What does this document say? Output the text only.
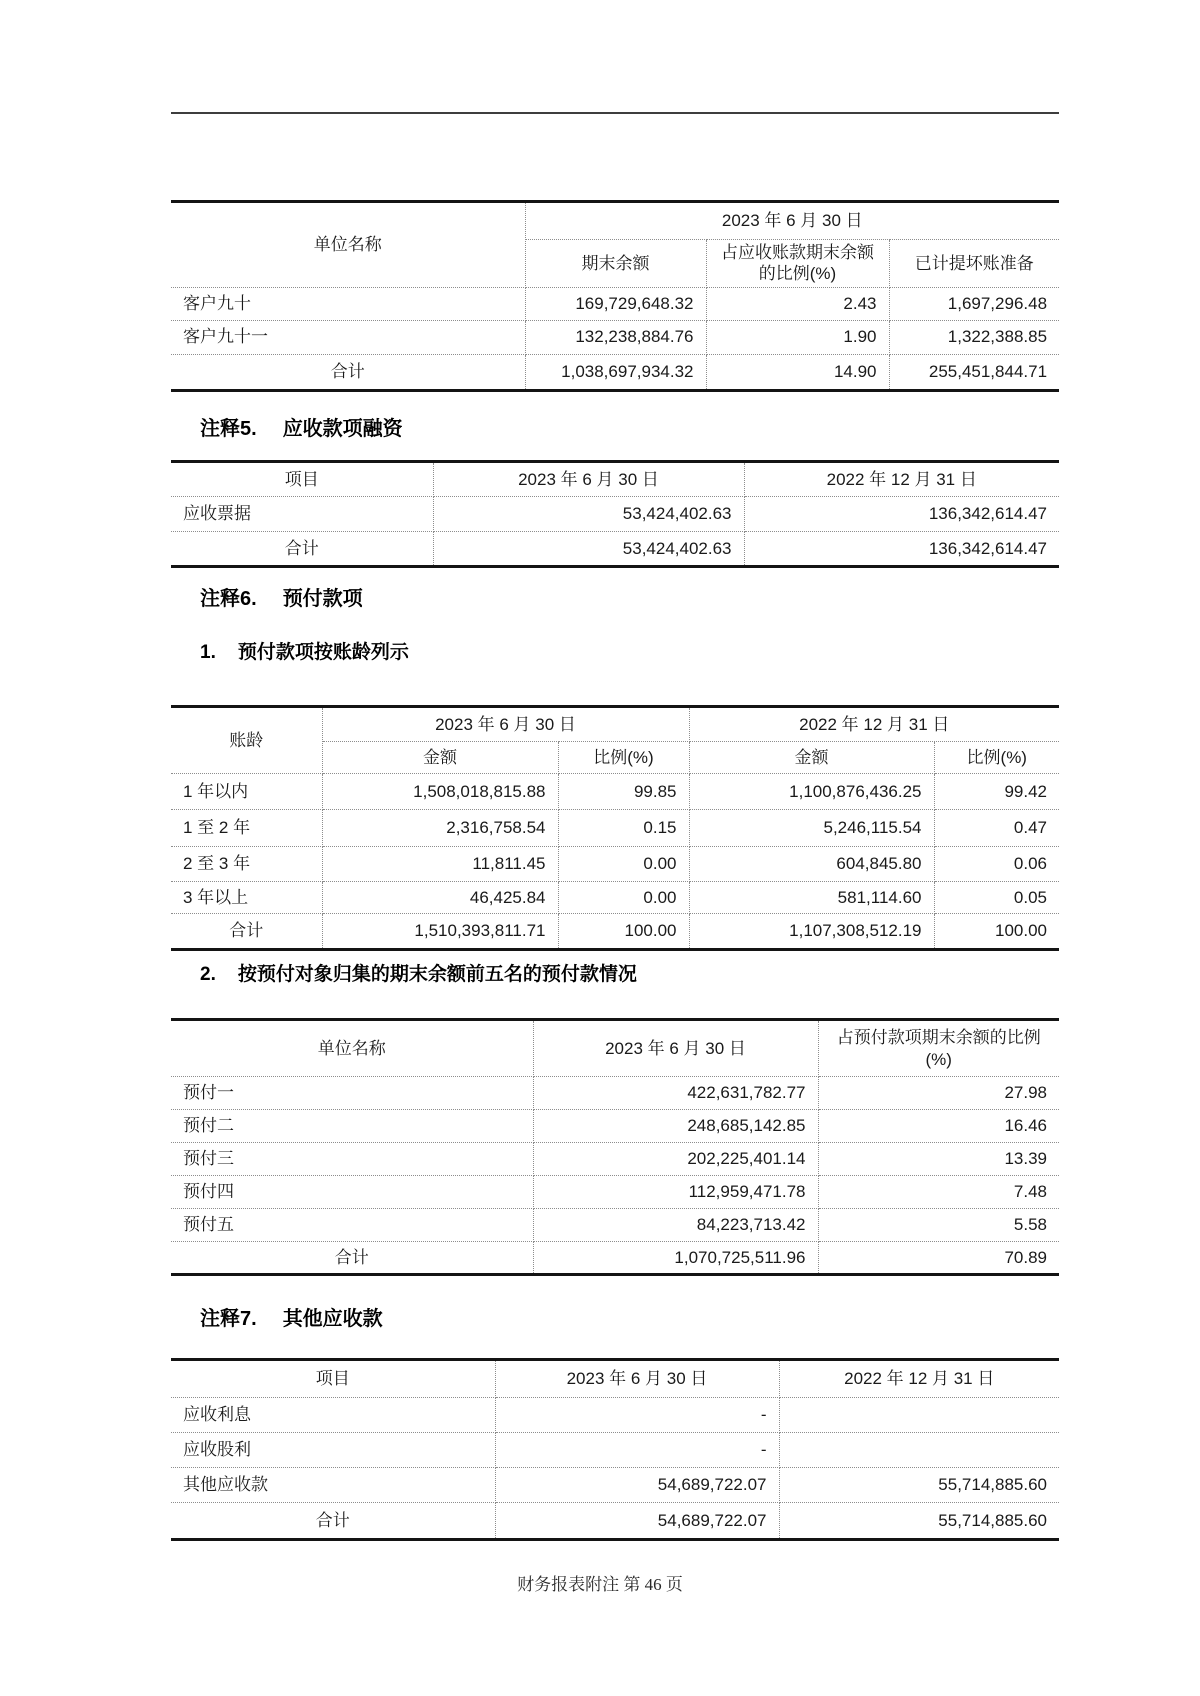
单位名称	2023 年 6 月 30 日		
	期末余额	占应收账款期末余额的比例(%)	已计提坏账准备
客户九十	169,729,648.32	2.43	1,697,296.48
客户九十一	132,238,884.76	1.90	1,322,388.85
合计	1,038,697,934.32	14.90	255,451,844.71
注释5. 应收款项融资
项目	2023 年 6 月 30 日	2022 年 12 月 31 日
应收票据	53,424,402.63	136,342,614.47
合计	53,424,402.63	136,342,614.47
注释6. 预付款项
1. 预付款项按账龄列示
账龄	2023 年 6 月 30 日		2022 年 12 月 31 日	
	金额	比例(%)	金额	比例(%)
1 年以内	1,508,018,815.88	99.85	1,100,876,436.25	99.42
1 至 2 年	2,316,758.54	0.15	5,246,115.54	0.47
2 至 3 年	11,811.45	0.00	604,845.80	0.06
3 年以上	46,425.84	0.00	581,114.60	0.05
合计	1,510,393,811.71	100.00	1,107,308,512.19	100.00
2. 按预付对象归集的期末余额前五名的预付款情况
单位名称	2023 年 6 月 30 日	占预付款项期末余额的比例(%)
预付一	422,631,782.77	27.98
预付二	248,685,142.85	16.46
预付三	202,225,401.14	13.39
预付四	112,959,471.78	7.48
预付五	84,223,713.42	5.58
合计	1,070,725,511.96	70.89
注释7. 其他应收款
项目	2023 年 6 月 30 日	2022 年 12 月 31 日
应收利息	-	
应收股利	-	
其他应收款	54,689,722.07	55,714,885.60
合计	54,689,722.07	55,714,885.60
财务报表附注 第 46 页
